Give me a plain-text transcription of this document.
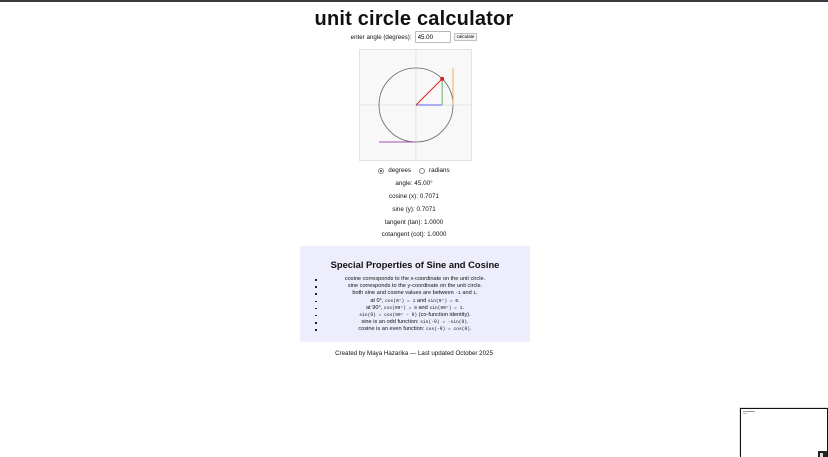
unit circle calculator
enter angle (degrees):
45.00	calculate
degrees	radians
angle: 45.00°
cosine (x): 0.7071
sine (y): 0.7071
tangent (tan): 1.0000
cotangent (cot): 1.0000
Special Properties of Sine and Cosine
cosine corresponds to the x-coordinate on the unit circle.
sine corresponds to the y-coordinate on the unit circle.
both sine and cosine values are between -1 and 1.
at 0°, cos(0°) = 1 and sin(0°) = 0.
at 90°, cos(90°) = 0 and sin(90°) = 1.
sin(θ) = cos(90° - θ) (co-function identity).
sine is an odd function: sin(-θ) = -sin(θ).
cosine is an even function: cos(-θ) = cos(θ).
Created by Maya Hazarika — Last updated October 2025
